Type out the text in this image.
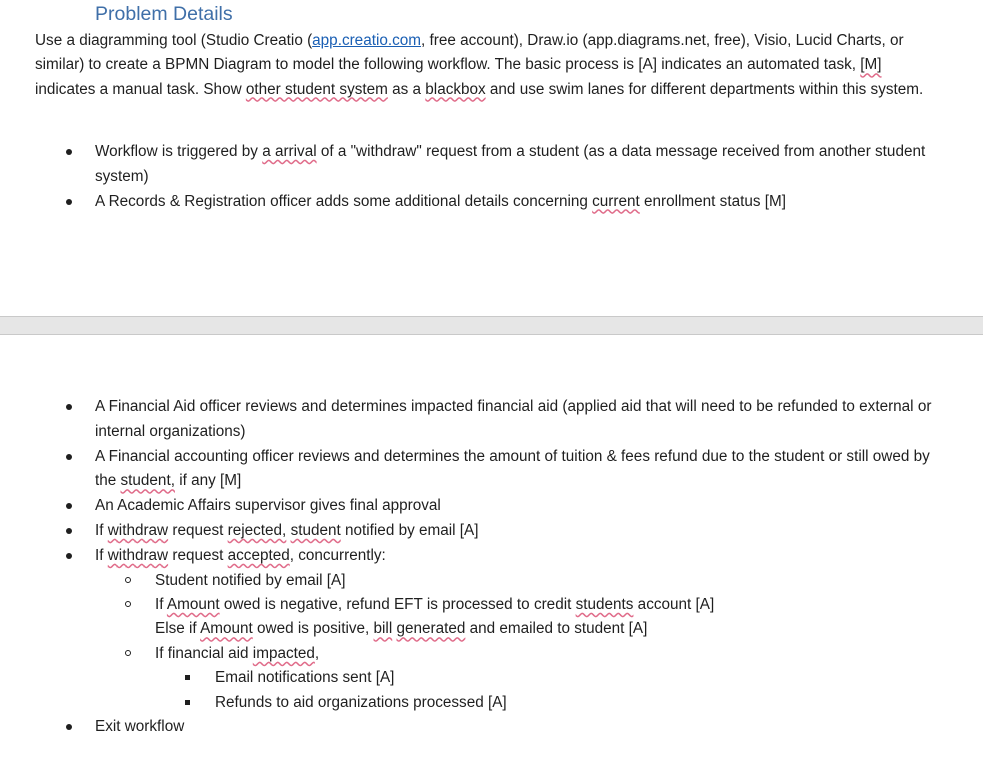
Problem Details

Use a diagramming tool (Studio Creatio (app.creatio.com, free account), Draw.io (app.diagrams.net, free), Visio, Lucid Charts, or similar) to create a BPMN Diagram to model the following workflow. The basic process is [A] indicates an automated task, [M] indicates a manual task. Show other student system as a blackbox and use swim lanes for different departments within this system.

Workflow is triggered by a arrival of a "withdraw" request from a student (as a data message received from another student system)
A Records & Registration officer adds some additional details concerning current enrollment status [M]
A Financial Aid officer reviews and determines impacted financial aid (applied aid that will need to be refunded to external or internal organizations)
A Financial accounting officer reviews and determines the amount of tuition & fees refund due to the student or still owed by the student, if any [M]
An Academic Affairs supervisor gives final approval
If withdraw request rejected, student notified by email [A]
If withdraw request accepted, concurrently:
Student notified by email [A]
If Amount owed is negative, refund EFT is processed to credit students account [A]
Else if Amount owed is positive, bill generated and emailed to student [A]
If financial aid impacted,
Email notifications sent [A]
Refunds to aid organizations processed [A]
Exit workflow
